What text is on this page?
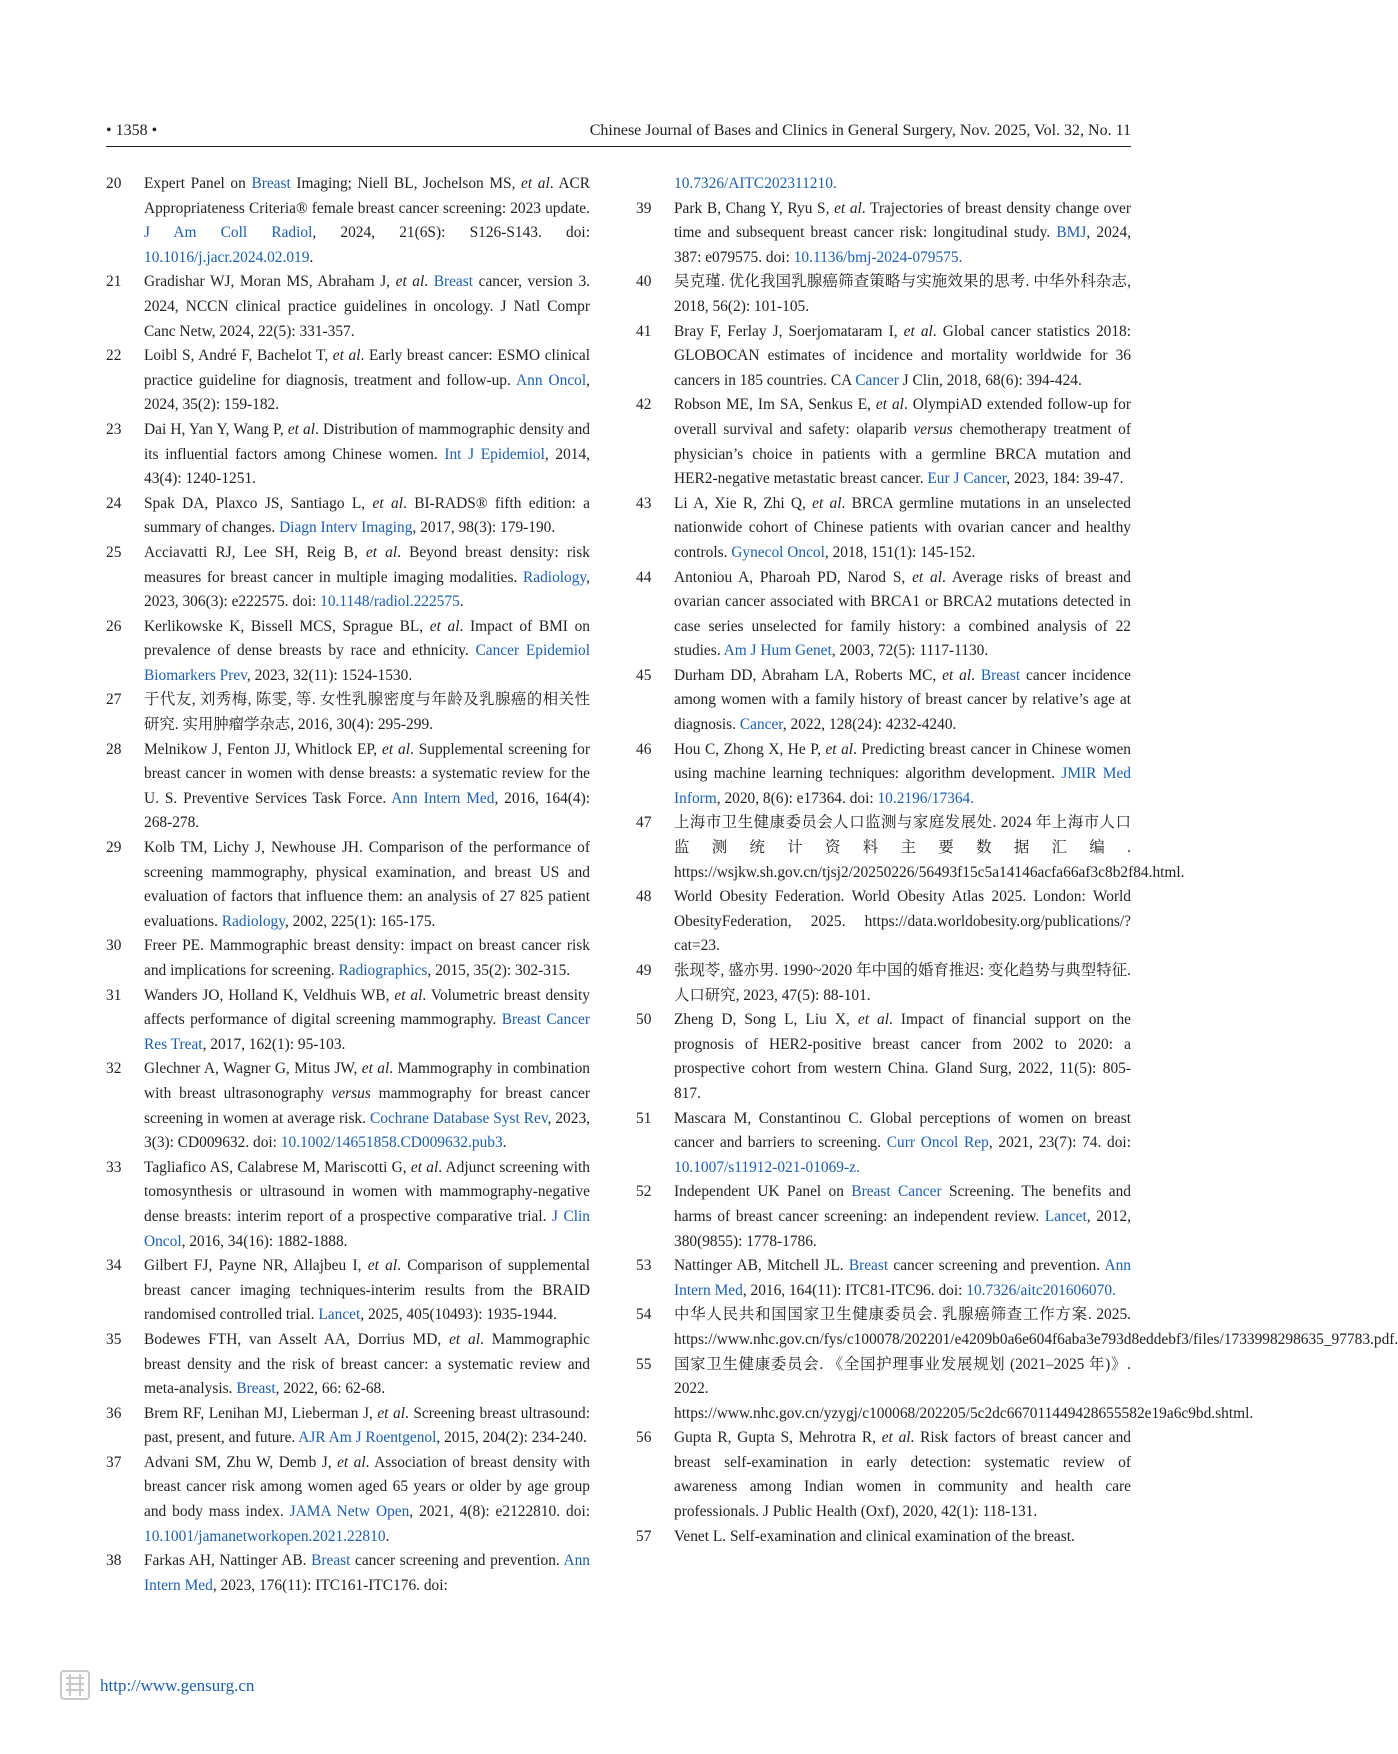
• 1358 •	Chinese Journal of Bases and Clinics in General Surgery, Nov. 2025, Vol. 32, No. 11
20 Expert Panel on Breast Imaging; Niell BL, Jochelson MS, et al. ACR Appropriateness Criteria® female breast cancer screening: 2023 update. J Am Coll Radiol, 2024, 21(6S): S126-S143. doi: 10.1016/j.jacr.2024.02.019.
21 Gradishar WJ, Moran MS, Abraham J, et al. Breast cancer, version 3. 2024, NCCN clinical practice guidelines in oncology. J Natl Compr Canc Netw, 2024, 22(5): 331-357.
22 Loibl S, André F, Bachelot T, et al. Early breast cancer: ESMO clinical practice guideline for diagnosis, treatment and follow-up. Ann Oncol, 2024, 35(2): 159-182.
23 Dai H, Yan Y, Wang P, et al. Distribution of mammographic density and its influential factors among Chinese women. Int J Epidemiol, 2014, 43(4): 1240-1251.
24 Spak DA, Plaxco JS, Santiago L, et al. BI-RADS® fifth edition: a summary of changes. Diagn Interv Imaging, 2017, 98(3): 179-190.
25 Acciavatti RJ, Lee SH, Reig B, et al. Beyond breast density: risk measures for breast cancer in multiple imaging modalities. Radiology, 2023, 306(3): e222575. doi: 10.1148/radiol.222575.
26 Kerlikowske K, Bissell MCS, Sprague BL, et al. Impact of BMI on prevalence of dense breasts by race and ethnicity. Cancer Epidemiol Biomarkers Prev, 2023, 32(11): 1524-1530.
27 于代友, 刘秀梅, 陈雯, 等. 女性乳腺密度与年龄及乳腺癌的相关性研究. 实用肿瘤学杂志, 2016, 30(4): 295-299.
28 Melnikow J, Fenton JJ, Whitlock EP, et al. Supplemental screening for breast cancer in women with dense breasts: a systematic review for the U. S. Preventive Services Task Force. Ann Intern Med, 2016, 164(4): 268-278.
29 Kolb TM, Lichy J, Newhouse JH. Comparison of the performance of screening mammography, physical examination, and breast US and evaluation of factors that influence them: an analysis of 27 825 patient evaluations. Radiology, 2002, 225(1): 165-175.
30 Freer PE. Mammographic breast density: impact on breast cancer risk and implications for screening. Radiographics, 2015, 35(2): 302-315.
31 Wanders JO, Holland K, Veldhuis WB, et al. Volumetric breast density affects performance of digital screening mammography. Breast Cancer Res Treat, 2017, 162(1): 95-103.
32 Glechner A, Wagner G, Mitus JW, et al. Mammography in combination with breast ultrasonography versus mammography for breast cancer screening in women at average risk. Cochrane Database Syst Rev, 2023, 3(3): CD009632. doi: 10.1002/14651858.CD009632.pub3.
33 Tagliafico AS, Calabrese M, Mariscotti G, et al. Adjunct screening with tomosynthesis or ultrasound in women with mammography-negative dense breasts: interim report of a prospective comparative trial. J Clin Oncol, 2016, 34(16): 1882-1888.
34 Gilbert FJ, Payne NR, Allajbeu I, et al. Comparison of supplemental breast cancer imaging techniques-interim results from the BRAID randomised controlled trial. Lancet, 2025, 405(10493): 1935-1944.
35 Bodewes FTH, van Asselt AA, Dorrius MD, et al. Mammographic breast density and the risk of breast cancer: a systematic review and meta-analysis. Breast, 2022, 66: 62-68.
36 Brem RF, Lenihan MJ, Lieberman J, et al. Screening breast ultrasound: past, present, and future. AJR Am J Roentgenol, 2015, 204(2): 234-240.
37 Advani SM, Zhu W, Demb J, et al. Association of breast density with breast cancer risk among women aged 65 years or older by age group and body mass index. JAMA Netw Open, 2021, 4(8): e2122810. doi: 10.1001/jamanetworkopen.2021.22810.
38 Farkas AH, Nattinger AB. Breast cancer screening and prevention. Ann Intern Med, 2023, 176(11): ITC161-ITC176. doi:
10.7326/AITC202311210.
39 Park B, Chang Y, Ryu S, et al. Trajectories of breast density change over time and subsequent breast cancer risk: longitudinal study. BMJ, 2024, 387: e079575. doi: 10.1136/bmj-2024-079575.
40 吴克瑾. 优化我国乳腺癌筛查策略与实施效果的思考. 中华外科杂志, 2018, 56(2): 101-105.
41 Bray F, Ferlay J, Soerjomataram I, et al. Global cancer statistics 2018: GLOBOCAN estimates of incidence and mortality worldwide for 36 cancers in 185 countries. CA Cancer J Clin, 2018, 68(6): 394-424.
42 Robson ME, Im SA, Senkus E, et al. OlympiAD extended follow-up for overall survival and safety: olaparib versus chemotherapy treatment of physician’s choice in patients with a germline BRCA mutation and HER2-negative metastatic breast cancer. Eur J Cancer, 2023, 184: 39-47.
43 Li A, Xie R, Zhi Q, et al. BRCA germline mutations in an unselected nationwide cohort of Chinese patients with ovarian cancer and healthy controls. Gynecol Oncol, 2018, 151(1): 145-152.
44 Antoniou A, Pharoah PD, Narod S, et al. Average risks of breast and ovarian cancer associated with BRCA1 or BRCA2 mutations detected in case series unselected for family history: a combined analysis of 22 studies. Am J Hum Genet, 2003, 72(5): 1117-1130.
45 Durham DD, Abraham LA, Roberts MC, et al. Breast cancer incidence among women with a family history of breast cancer by relative’s age at diagnosis. Cancer, 2022, 128(24): 4232-4240.
46 Hou C, Zhong X, He P, et al. Predicting breast cancer in Chinese women using machine learning techniques: algorithm development. JMIR Med Inform, 2020, 8(6): e17364. doi: 10.2196/17364.
47 上海市卫生健康委员会人口监测与家庭发展处. 2024 年上海市人口监测统计资料主要数据汇编. https://wsjkw.sh.gov.cn/tjsj2/20250226/56493f15c5a14146acfa66af3c8b2f84.html.
48 World Obesity Federation. World Obesity Atlas 2025. London: World ObesityFederation, 2025. https://data.worldobesity.org/publications/?cat=23.
49 张现苓, 盛亦男. 1990~2020 年中国的婚育推迟: 变化趋势与典型特征. 人口研究, 2023, 47(5): 88-101.
50 Zheng D, Song L, Liu X, et al. Impact of financial support on the prognosis of HER2-positive breast cancer from 2002 to 2020: a prospective cohort from western China. Gland Surg, 2022, 11(5): 805-817.
51 Mascara M, Constantinou C. Global perceptions of women on breast cancer and barriers to screening. Curr Oncol Rep, 2021, 23(7): 74. doi: 10.1007/s11912-021-01069-z.
52 Independent UK Panel on Breast Cancer Screening. The benefits and harms of breast cancer screening: an independent review. Lancet, 2012, 380(9855): 1778-1786.
53 Nattinger AB, Mitchell JL. Breast cancer screening and prevention. Ann Intern Med, 2016, 164(11): ITC81-ITC96. doi: 10.7326/aitc201606070.
54 中华人民共和国国家卫生健康委员会. 乳腺癌筛查工作方案. 2025. https://www.nhc.gov.cn/fys/c100078/202201/e4209b0a6e604f6aba3e793d8eddebf3/files/1733998298635_97783.pdf.
55 国家卫生健康委员会. 《全国护理事业发展规划 (2021–2025 年)》. 2022. https://www.nhc.gov.cn/yzygj/c100068/202205/5c2dc667011449428655582e19a6c9bd.shtml.
56 Gupta R, Gupta S, Mehrotra R, et al. Risk factors of breast cancer and breast self-examination in early detection: systematic review of awareness among Indian women in community and health care professionals. J Public Health (Oxf), 2020, 42(1): 118-131.
57 Venet L. Self-examination and clinical examination of the breast.
http://www.gensurg.cn
